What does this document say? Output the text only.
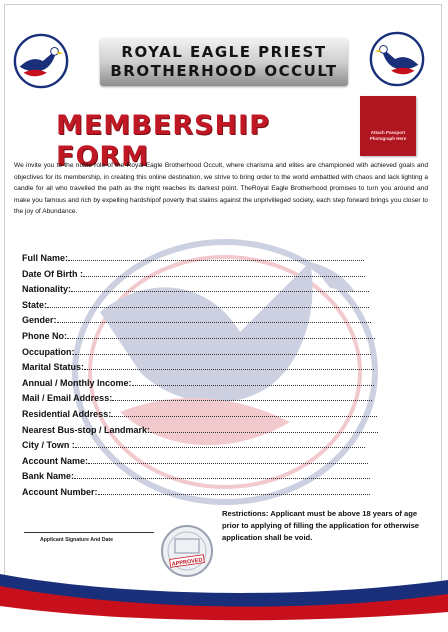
ROYAL EAGLE PRIEST
BROTHERHOOD OCCULT
MEMBERSHIP FORM
Attach Passport Photograph Here
We invite you to the noble role of the Royal Eagle Brotherhood Occult, where charisma and elites are championed with achieved goals and objectives for its membership, in creating this online destination, we strive to bring order to the world embattled with chaos and lack lighting a candle for all who travelled the path as the night reaches its darkest point. TheRoyal Eagle Brotherhood promises to turn you around and make you famous and rich by expelling hardshipof poverty that slaims against the unprivilleged society, each step forward brings you closer to the joy of Abundance.
Full Name:
Date Of Birth :
Nationality:
State:
Gender:
Phone No:
Occupation:
Marital Status:
Annual / Monthly Income:
Mail / Email Address:
Residential Address:
Nearest Bus-stop / Landmark:
City / Town :
Account Name:
Bank Name:
Account Number:
Applicant Signature And Date
APPROVED
Restrictions: Applicant must be above 18 years of age prior to applying of filling the application for otherwise application shall be void.
